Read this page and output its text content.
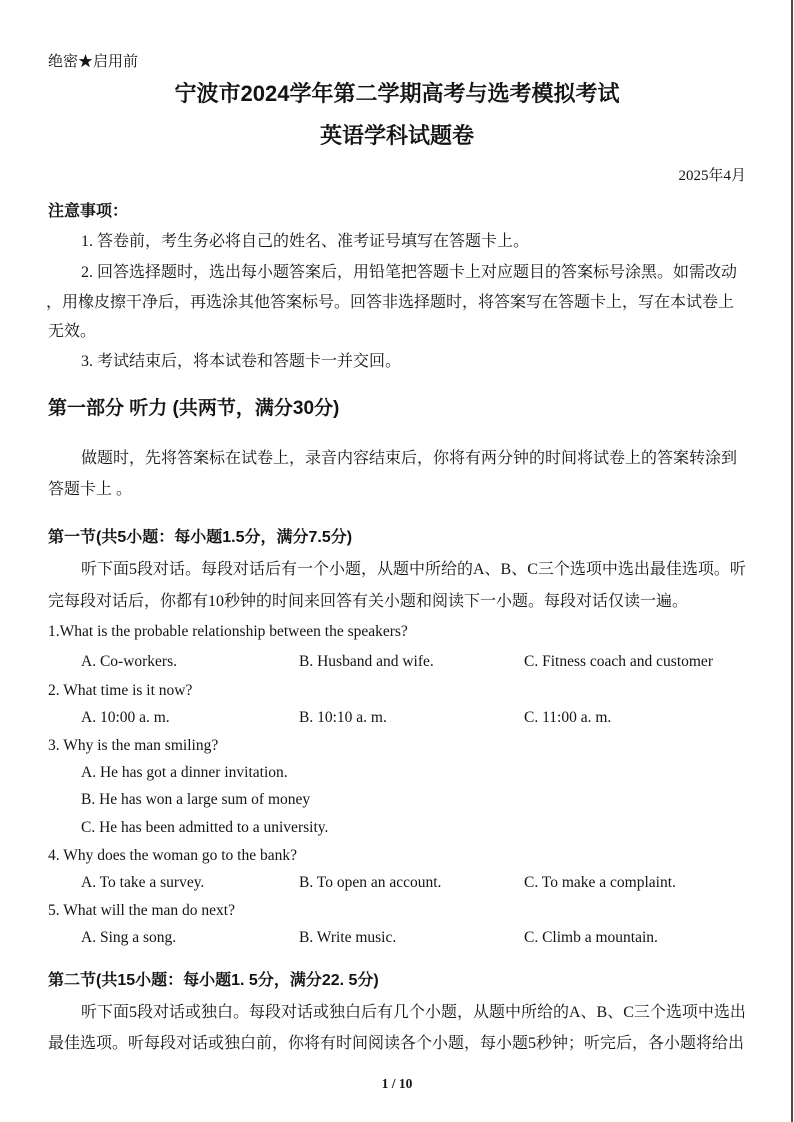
绝密★启用前
宁波市2024学年第二学期高考与选考模拟考试
英语学科试题卷
2025年4月
注意事项：
1. 答卷前，考生务必将自己的姓名、准考证号填写在答题卡上。
2. 回答选择题时，选出每小题答案后，用铅笔把答题卡上对应题目的答案标号涂黑。如需改动
，用橡皮擦干净后，再选涂其他答案标号。回答非选择题时，将答案写在答题卡上，写在本试卷上
无效。
3. 考试结束后，将本试卷和答题卡一并交回。
第一部分 听力 (共两节，满分30分)
做题时，先将答案标在试卷上，录音内容结束后，你将有两分钟的时间将试卷上的答案转涂到
答题卡上 。
第一节(共5小题：每小题1.5分，满分7.5分)
听下面5段对话。每段对话后有一个小题，从题中所给的A、B、C三个选项中选出最佳选项。听
完每段对话后，你都有10秒钟的时间来回答有关小题和阅读下一小题。每段对话仅读一遍。
1.What is the probable relationship between the speakers?
A. Co-workers.	B. Husband and wife.	C. Fitness coach and customer
2. What time is it now?
A. 10:00 a. m.	B. 10:10 a. m.	C. 11:00 a. m.
3. Why is the man smiling?
A. He has got a dinner invitation.
B. He has won a large sum of money
C. He has been admitted to a university.
4. Why does the woman go to the bank?
A. To take a survey.	B. To open an account.	C. To make a complaint.
5. What will the man do next?
A. Sing a song.	B. Write music.	C. Climb a mountain.
第二节(共15小题：每小题1. 5分，满分22. 5分)
听下面5段对话或独白。每段对话或独白后有几个小题，从题中所给的A、B、C三个选项中选出
最佳选项。听每段对话或独白前，你将有时间阅读各个小题，每小题5秒钟；听完后，各小题将给出
1 / 10
